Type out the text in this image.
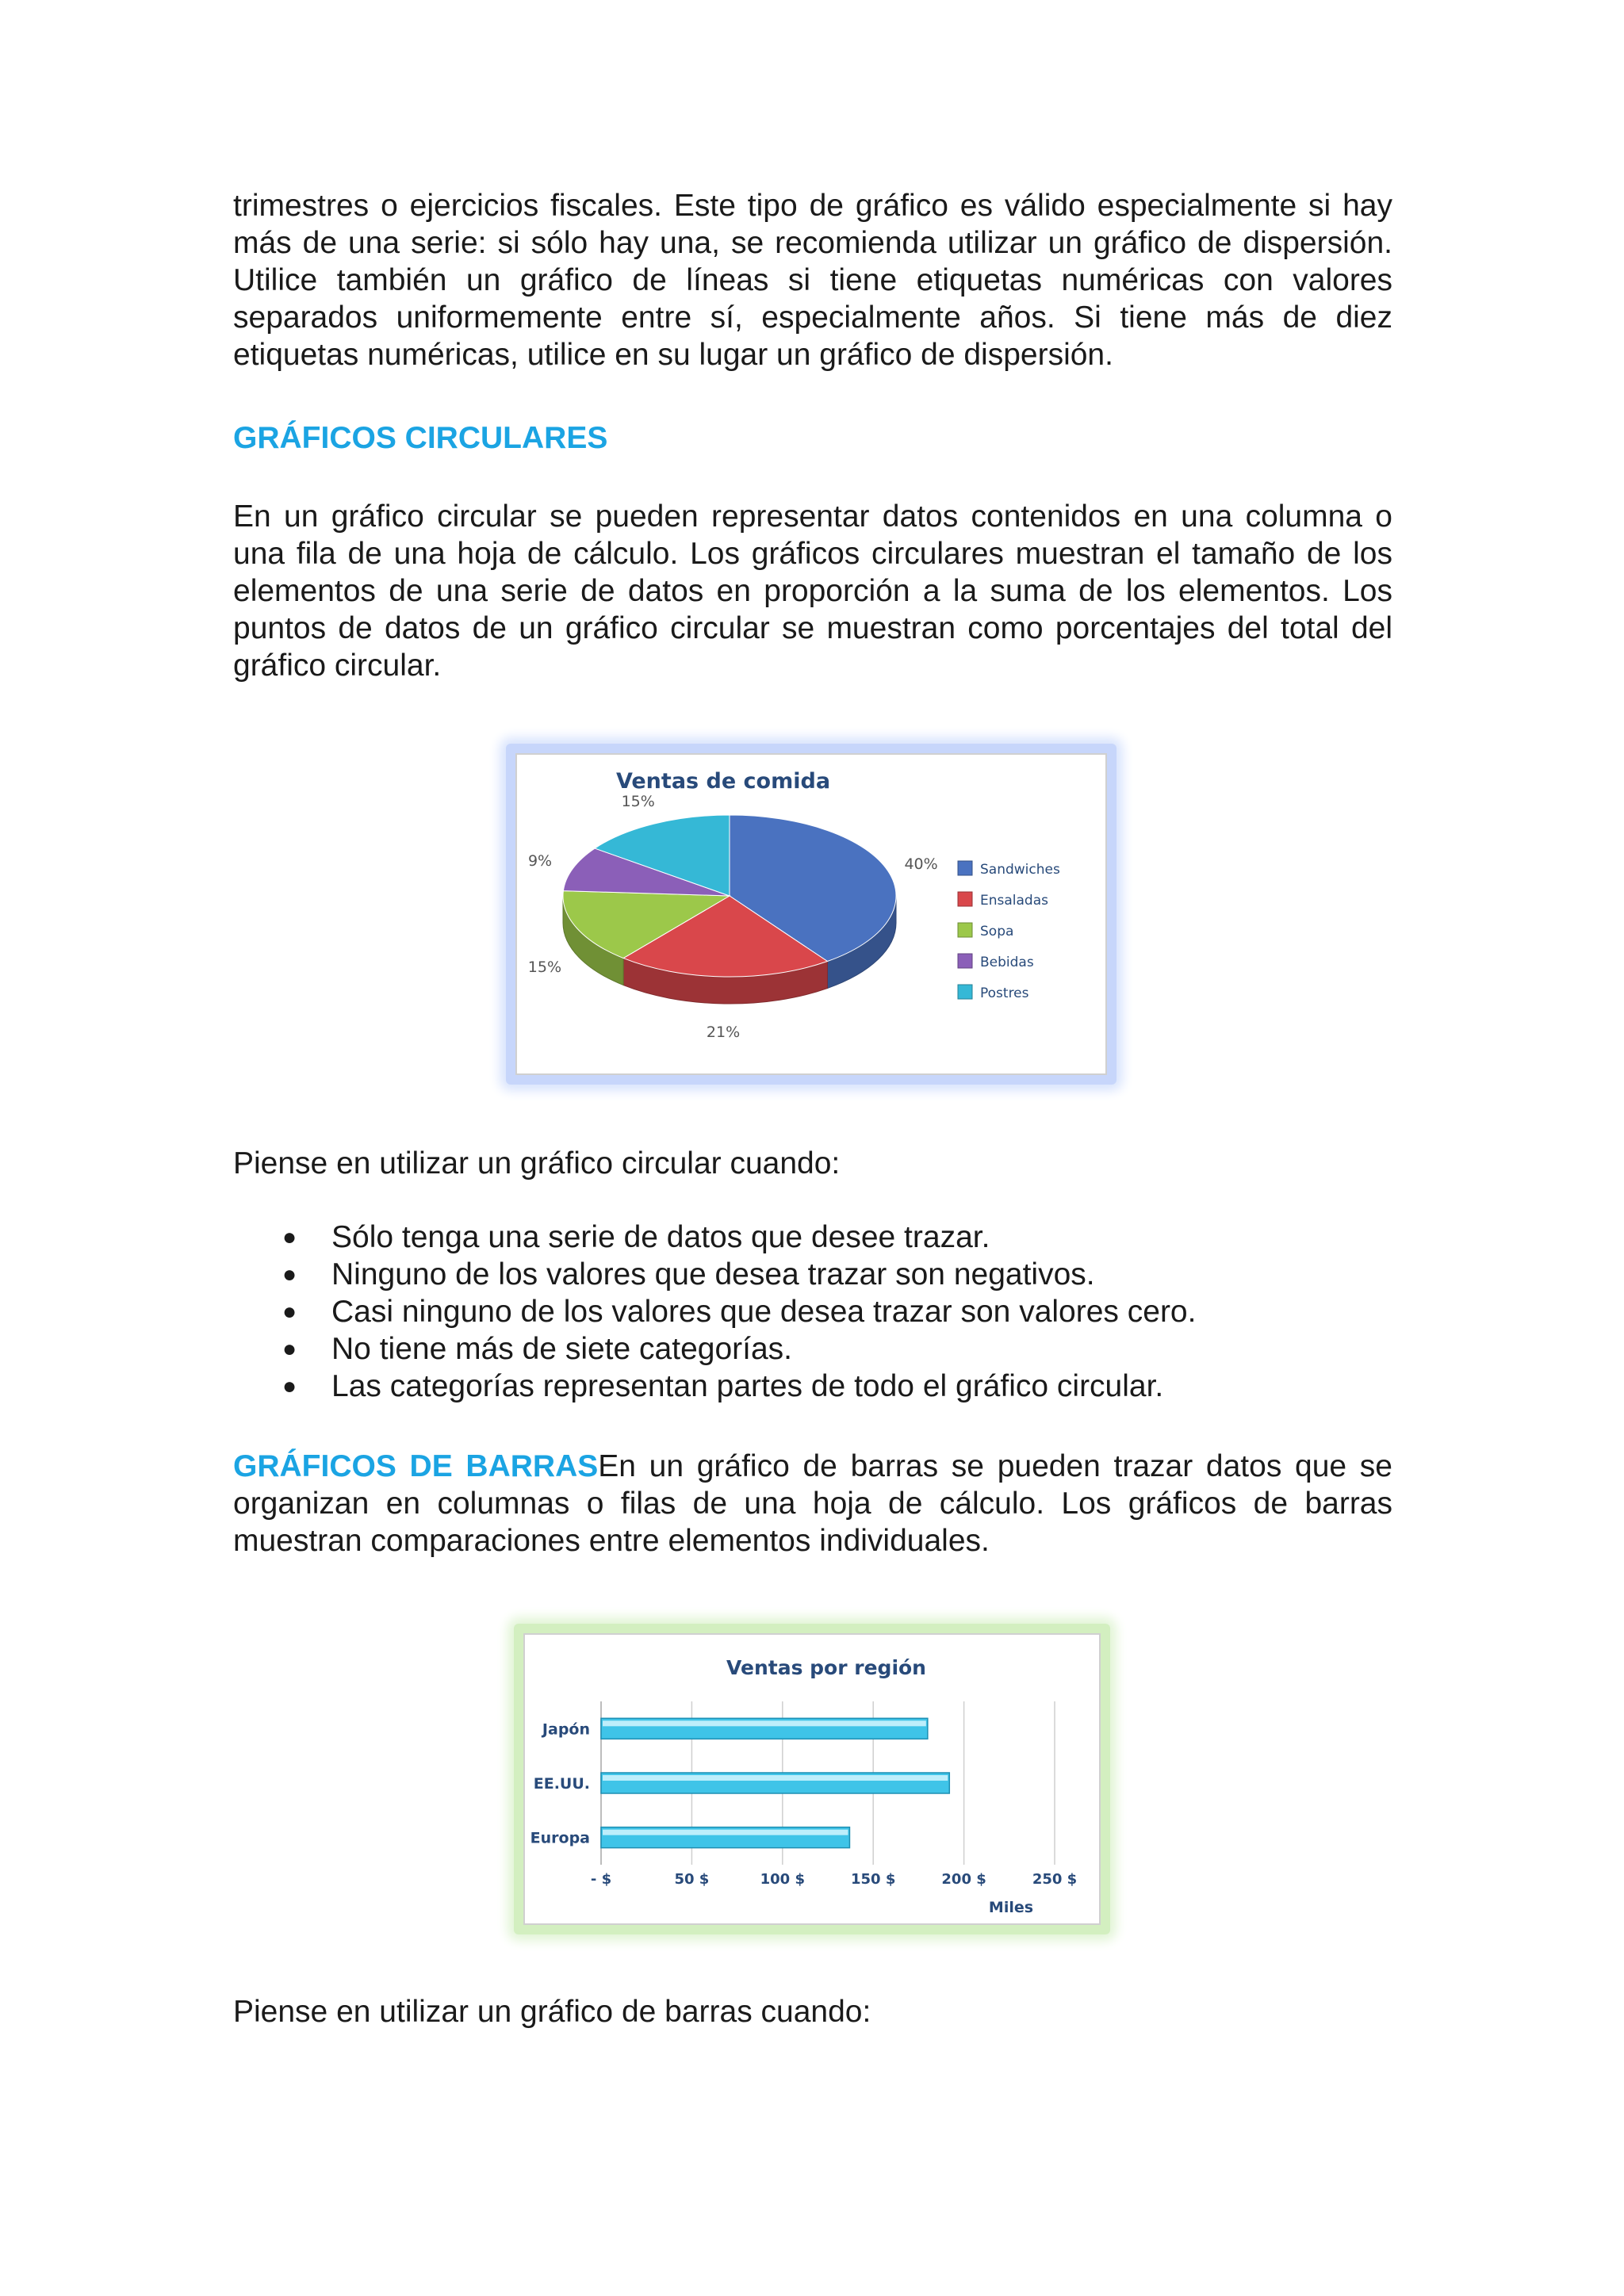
trimestres o ejercicios fiscales. Este tipo de gráfico es válido especialmente si hay más de una serie: si sólo hay una, se recomienda utilizar un gráfico de dispersión. Utilice también un gráfico de líneas si tiene etiquetas numéricas con valores separados uniformemente entre sí, especialmente años. Si tiene más de diez etiquetas numéricas, utilice en su lugar un gráfico de dispersión.

GRÁFICOS CIRCULARES

En un gráfico circular se pueden representar datos contenidos en una columna o una fila de una hoja de cálculo. Los gráficos circulares muestran el tamaño de los elementos de una serie de datos en proporción a la suma de los elementos. Los puntos de datos de un gráfico circular se muestran como porcentajes del total del gráfico circular.

40%
21%
15%
9%
15%
Sandwiches
Ensaladas
Sopa
Bebidas
Postres
Ventas de comida

Piense en utilizar un gráfico circular cuando:

● Sólo tenga una serie de datos que desee trazar.
● Ninguno de los valores que desea trazar son negativos.
● Casi ninguno de los valores que desea trazar son valores cero.
● No tiene más de siete categorías.
● Las categorías representan partes de todo el gráfico circular.

GRÁFICOS DE BARRASEn un gráfico de barras se pueden trazar datos que se organizan en columnas o filas de una hoja de cálculo. Los gráficos de barras muestran comparaciones entre elementos individuales.

- $	50 $	100 $	150 $	200 $	250 $
Japón
EE.UU.
Europa
Ventas por región
Miles

Piense en utilizar un gráfico de barras cuando:
